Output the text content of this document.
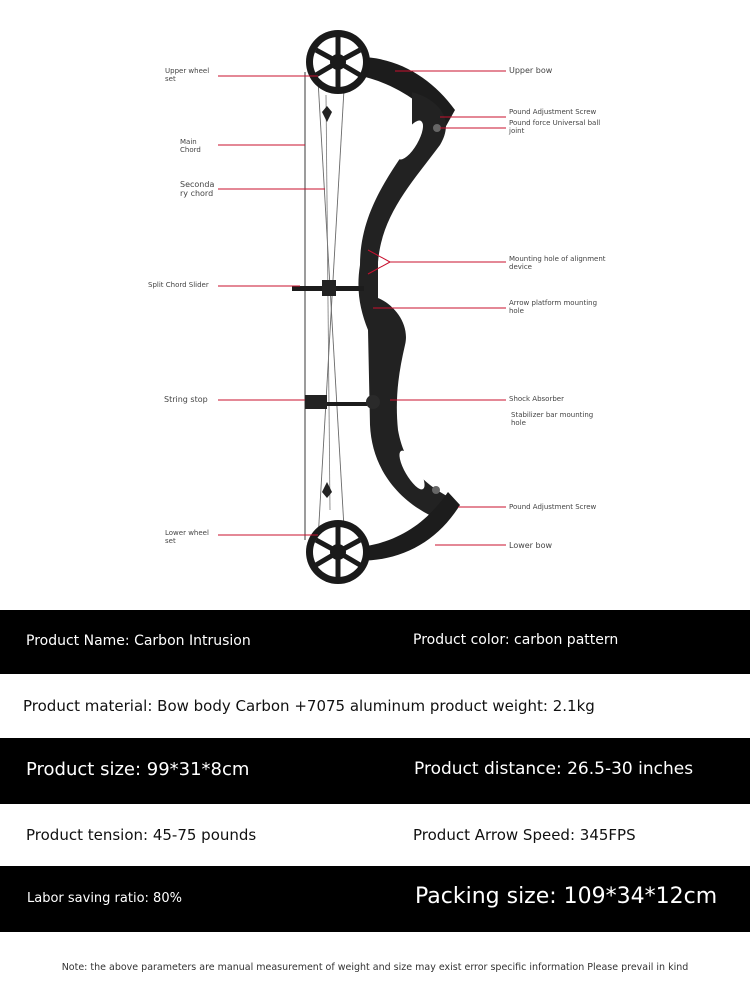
Upper wheel
set
Main
Chord
Seconda
ry chord
Split Chord Slider
String stop
Lower wheel
set
Upper bow
Pound Adjustment Screw
Pound force Universal ball
joint
Mounting hole of alignment
device
Arrow platform mounting
hole
Shock Absorber
Stabilizer bar mounting
hole
Pound Adjustment Screw
Lower bow
Product Name: Carbon Intrusion	Product color: carbon pattern
Product material: Bow body Carbon +7075 aluminum product weight: 2.1kg
Product size: 99*31*8cm	Product distance: 26.5-30 inches
Product tension: 45-75 pounds	Product Arrow Speed: 345FPS
Labor saving ratio: 80%	Packing size: 109*34*12cm
Note: the above parameters are manual measurement of weight and size may exist error specific information Please prevail in kind
